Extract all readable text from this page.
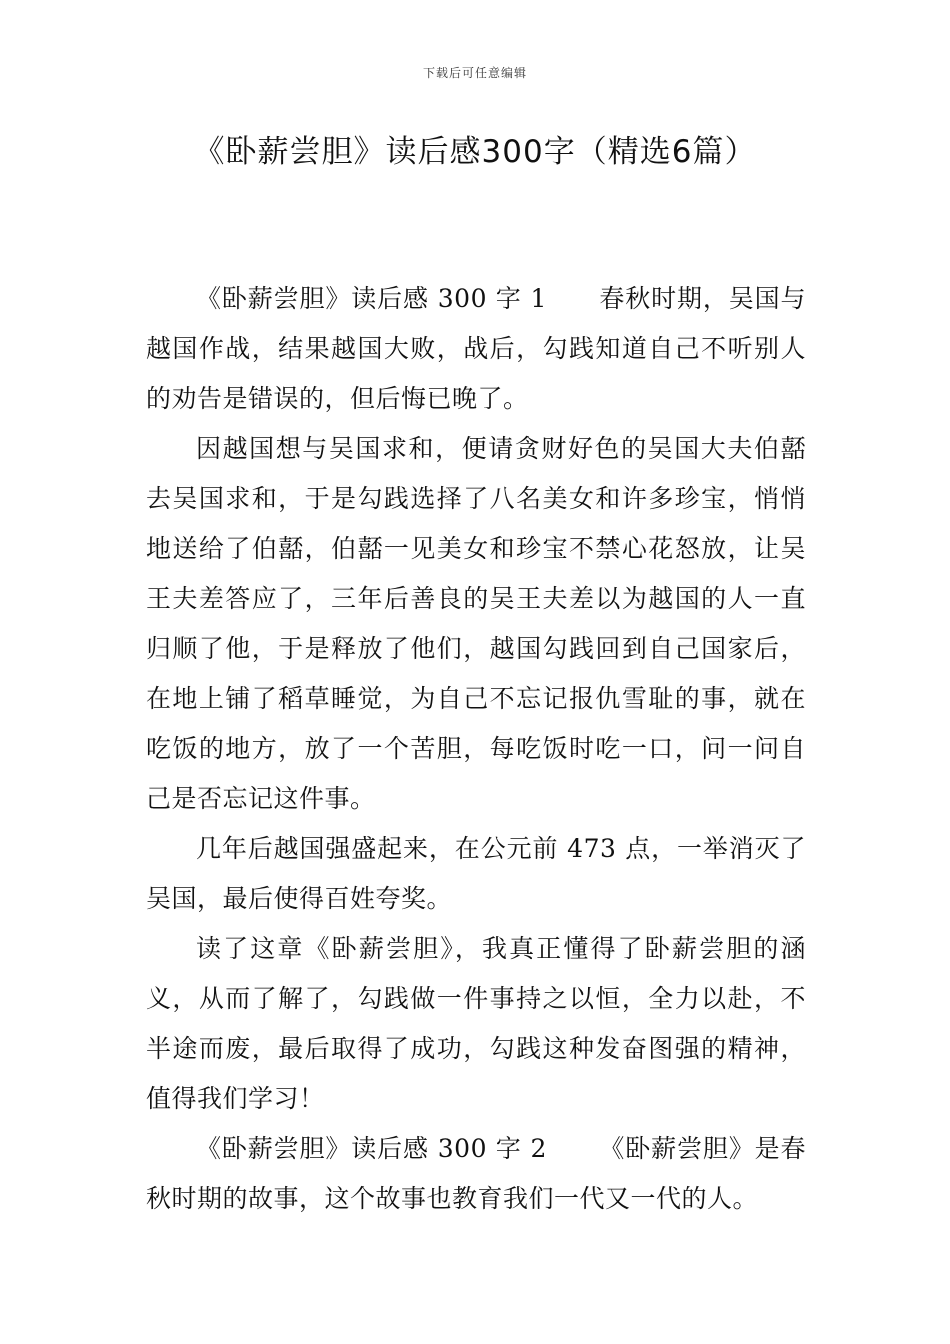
下载后可任意编辑
《卧薪尝胆》读后感300字（精选6篇）

《卧薪尝胆》读后感 300 字 1 春秋时期，吴国与越国作战，结果越国大败，战后，勾践知道自己不听别人的劝告是错误的，但后悔已晚了。

因越国想与吴国求和，便请贪财好色的吴国大夫伯嚭去吴国求和，于是勾践选择了八名美女和许多珍宝，悄悄地送给了伯嚭，伯嚭一见美女和珍宝不禁心花怒放，让吴王夫差答应了，三年后善良的吴王夫差以为越国的人一直归顺了他，于是释放了他们，越国勾践回到自己国家后，在地上铺了稻草睡觉，为自己不忘记报仇雪耻的事，就在吃饭的地方，放了一个苦胆，每吃饭时吃一口，问一问自己是否忘记这件事。

几年后越国强盛起来，在公元前 473 点，一举消灭了吴国，最后使得百姓夸奖。

读了这章《卧薪尝胆》，我真正懂得了卧薪尝胆的涵义，从而了解了，勾践做一件事持之以恒，全力以赴，不半途而废，最后取得了成功，勾践这种发奋图强的精神，值得我们学习！

《卧薪尝胆》读后感 300 字 2 《卧薪尝胆》是春秋时期的故事，这个故事也教育我们一代又一代的人。
